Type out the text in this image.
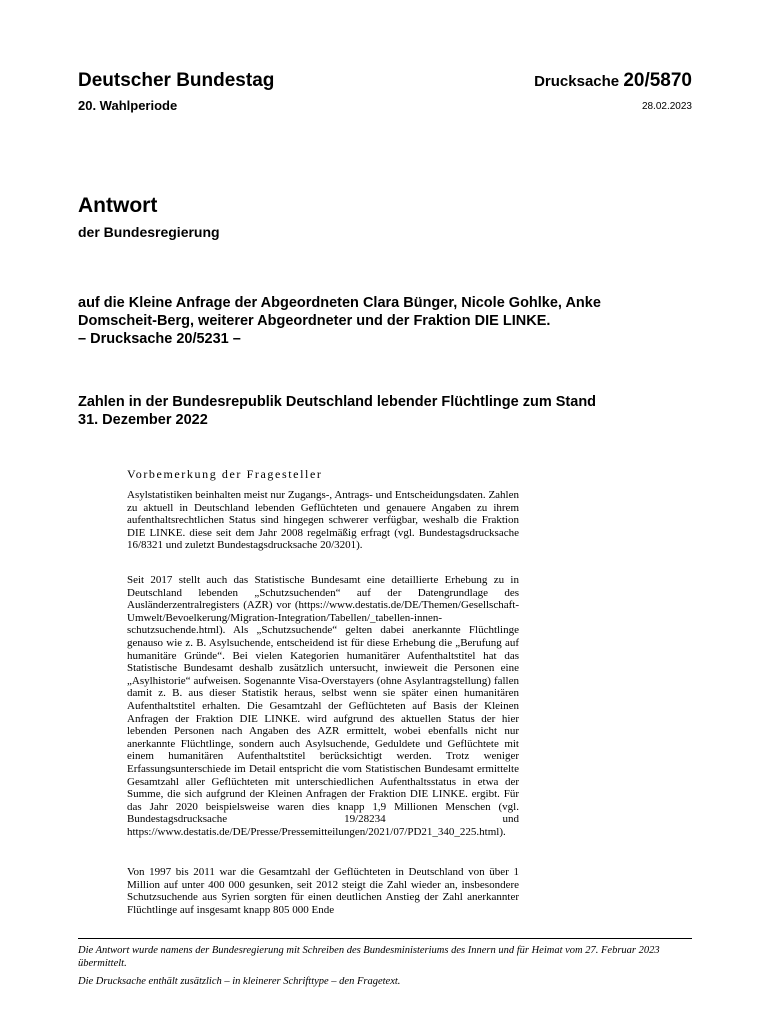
Deutscher Bundestag
20. Wahlperiode
Drucksache 20/5870
28.02.2023
Antwort
der Bundesregierung
auf die Kleine Anfrage der Abgeordneten Clara Bünger, Nicole Gohlke, Anke
Domscheit-Berg, weiterer Abgeordneter und der Fraktion DIE LINKE.
– Drucksache 20/5231 –
Zahlen in der Bundesrepublik Deutschland lebender Flüchtlinge zum Stand
31. Dezember 2022
Vorbemerkung der Fragesteller
Asylstatistiken beinhalten meist nur Zugangs-, Antrags- und Entscheidungsdaten. Zahlen zu aktuell in Deutschland lebenden Geflüchteten und genauere Angaben zu ihrem aufenthaltsrechtlichen Status sind hingegen schwerer verfügbar, weshalb die Fraktion DIE LINKE. diese seit dem Jahr 2008 regelmäßig erfragt (vgl. Bundestagsdrucksache 16/8321 und zuletzt Bundestagsdrucksache 20/3201).
Seit 2017 stellt auch das Statistische Bundesamt eine detaillierte Erhebung zu in Deutschland lebenden „Schutzsuchenden“ auf der Datengrundlage des Ausländerzentralregisters (AZR) vor (https://www.destatis.de/DE/Themen/Gesellschaft-Umwelt/Bevoelkerung/Migration-Integration/Tabellen/_tabellen-innen-schutzsuchende.html). Als „Schutzsuchende“ gelten dabei anerkannte Flüchtlinge genauso wie z. B. Asylsuchende, entscheidend ist für diese Erhebung die „Berufung auf humanitäre Gründe“. Bei vielen Kategorien humanitärer Aufenthaltstitel hat das Statistische Bundesamt deshalb zusätzlich untersucht, inwieweit die Personen eine „Asylhistorie“ aufweisen. Sogenannte Visa-Overstayers (ohne Asylantragstellung) fallen damit z. B. aus dieser Statistik heraus, selbst wenn sie später einen humanitären Aufenthaltstitel erhalten. Die Gesamtzahl der Geflüchteten auf Basis der Kleinen Anfragen der Fraktion DIE LINKE. wird aufgrund des aktuellen Status der hier lebenden Personen nach Angaben des AZR ermittelt, wobei ebenfalls nicht nur anerkannte Flüchtlinge, sondern auch Asylsuchende, Geduldete und Geflüchtete mit einem humanitären Aufenthaltstitel berücksichtigt werden. Trotz weniger Erfassungsunterschiede im Detail entspricht die vom Statistischen Bundesamt ermittelte Gesamtzahl aller Geflüchteten mit unterschiedlichen Aufenthaltsstatus in etwa der Summe, die sich aufgrund der Kleinen Anfragen der Fraktion DIE LINKE. ergibt. Für das Jahr 2020 beispielsweise waren dies knapp 1,9 Millionen Menschen (vgl. Bundestagsdrucksache 19/28234 und https://www.destatis.de/DE/Presse/Pressemitteilungen/2021/07/PD21_340_225.html).
Von 1997 bis 2011 war die Gesamtzahl der Geflüchteten in Deutschland von über 1 Million auf unter 400 000 gesunken, seit 2012 steigt die Zahl wieder an, insbesondere Schutzsuchende aus Syrien sorgten für einen deutlichen Anstieg der Zahl anerkannter Flüchtlinge auf insgesamt knapp 805 000 Ende
Die Antwort wurde namens der Bundesregierung mit Schreiben des Bundesministeriums des Innern und für Heimat vom 27. Februar 2023 übermittelt.
Die Drucksache enthält zusätzlich – in kleinerer Schrifttype – den Fragetext.
